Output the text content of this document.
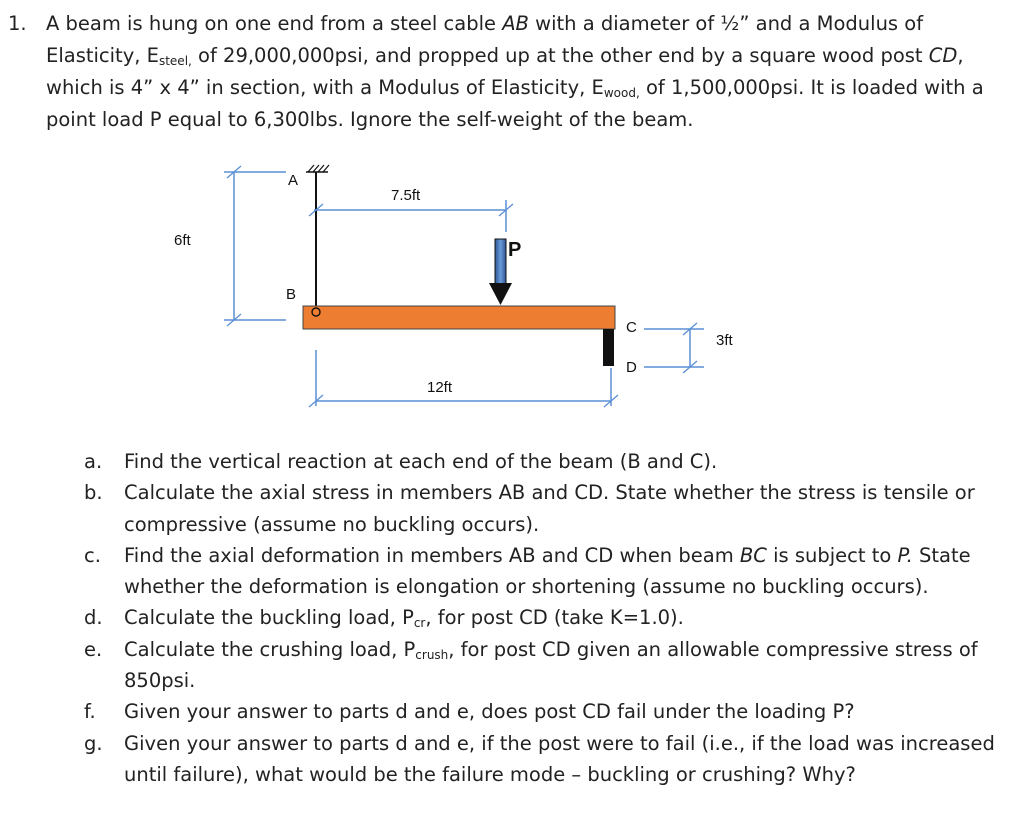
1. A beam is hung on one end from a steel cable AB with a diameter of ½” and a Modulus of Elasticity, $E_{steel,}$ of 29,000,000psi, and propped up at the other end by a square wood post CD, which is 4” x 4” in section, with a Modulus of Elasticity, $E_{wood,}$ of 1,500,000psi. It is loaded with a point load P equal to 6,300lbs. Ignore the self-weight of the beam.
6ft
A
B
7.5ft
P
C
D
3ft
12ft
a. Find the vertical reaction at each end of the beam (B and C).
b. Calculate the axial stress in members AB and CD. State whether the stress is tensile or compressive (assume no buckling occurs).
c. Find the axial deformation in members AB and CD when beam BC is subject to P. State whether the deformation is elongation or shortening (assume no buckling occurs).
d. Calculate the buckling load, $P_{cr}$, for post CD (take K=1.0).
e. Calculate the crushing load, $P_{crush}$, for post CD given an allowable compressive stress of 850psi.
f. Given your answer to parts d and e, does post CD fail under the loading P?
g. Given your answer to parts d and e, if the post were to fail (i.e., if the load was increased until failure), what would be the failure mode – buckling or crushing? Why?
